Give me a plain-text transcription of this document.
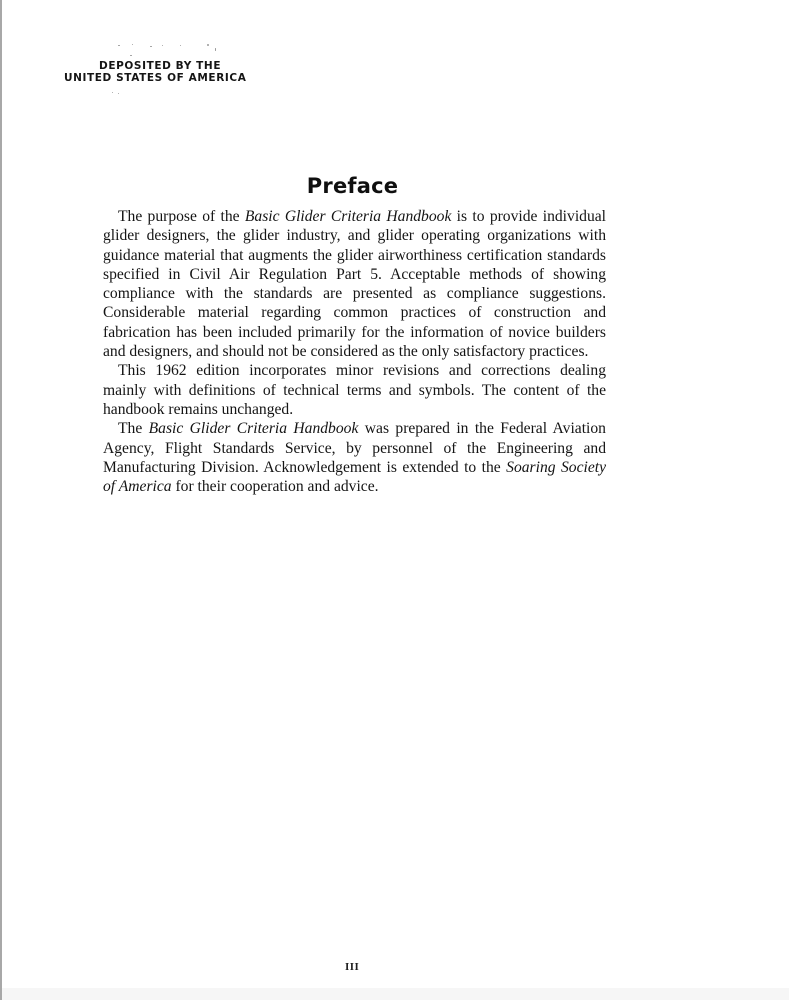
DEPOSITED BY THE
UNITED STATES OF AMERICA
Preface

The purpose of the Basic Glider Criteria Handbook is to provide individual glider designers, the glider industry, and glider operating organizations with guidance material that augments the glider airworthiness certification standards specified in Civil Air Regulation Part 5. Acceptable methods of showing compliance with the standards are presented as compliance suggestions. Considerable material regarding common practices of construction and fabrication has been included primarily for the information of novice builders and designers, and should not be considered as the only satisfactory practices.

This 1962 edition incorporates minor revisions and corrections dealing mainly with definitions of technical terms and symbols. The content of the handbook remains unchanged.

The Basic Glider Criteria Handbook was prepared in the Federal Aviation Agency, Flight Standards Service, by personnel of the Engineering and Manufacturing Division. Acknowledgement is extended to the Soaring Society of America for their cooperation and advice.

III
